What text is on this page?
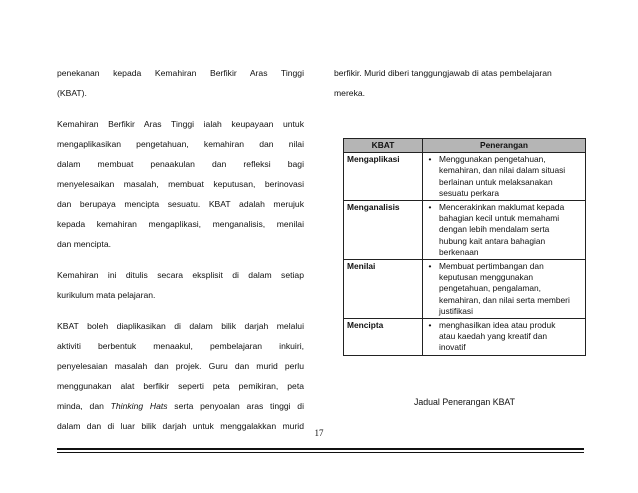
penekanan kepada Kemahiran Berfikir Aras Tinggi
(KBAT).

Kemahiran Berfikir Aras Tinggi ialah keupayaan untuk
mengaplikasikan pengetahuan, kemahiran dan nilai
dalam membuat penaakulan dan refleksi bagi
menyelesaikan masalah, membuat keputusan, berinovasi
dan berupaya mencipta sesuatu. KBAT adalah merujuk
kepada kemahiran mengaplikasi, menganalisis, menilai
dan mencipta.

Kemahiran ini ditulis secara eksplisit di dalam setiap
kurikulum mata pelajaran.

KBAT boleh diaplikasikan di dalam bilik darjah melalui
aktiviti berbentuk menaakul, pembelajaran inkuiri,
penyelesaian masalah dan projek. Guru dan murid perlu
menggunakan alat berfikir seperti peta pemikiran, peta
minda, dan Thinking Hats serta penyoalan aras tinggi di
dalam dan di luar bilik darjah untuk menggalakkan murid

berfikir. Murid diberi tanggungjawab di atas pembelajaran
mereka.

KBAT	Penerangan	
Mengaplikasi	•	Menggunakan pengetahuan,
kemahiran, dan nilai dalam situasi
berlainan untuk melaksanakan
sesuatu perkara

Menganalisis	•	Mencerakinkan maklumat kepada
bahagian kecil untuk memahami
dengan lebih mendalam serta
hubung kait antara bahagian
berkenaan

Menilai	•	Membuat pertimbangan dan
keputusan menggunakan
pengetahuan, pengalaman,
kemahiran, dan nilai serta memberi
justifikasi

Mencipta	•	menghasilkan idea atau produk
atau kaedah yang kreatif dan
inovatif
Jadual Penerangan KBAT
17
